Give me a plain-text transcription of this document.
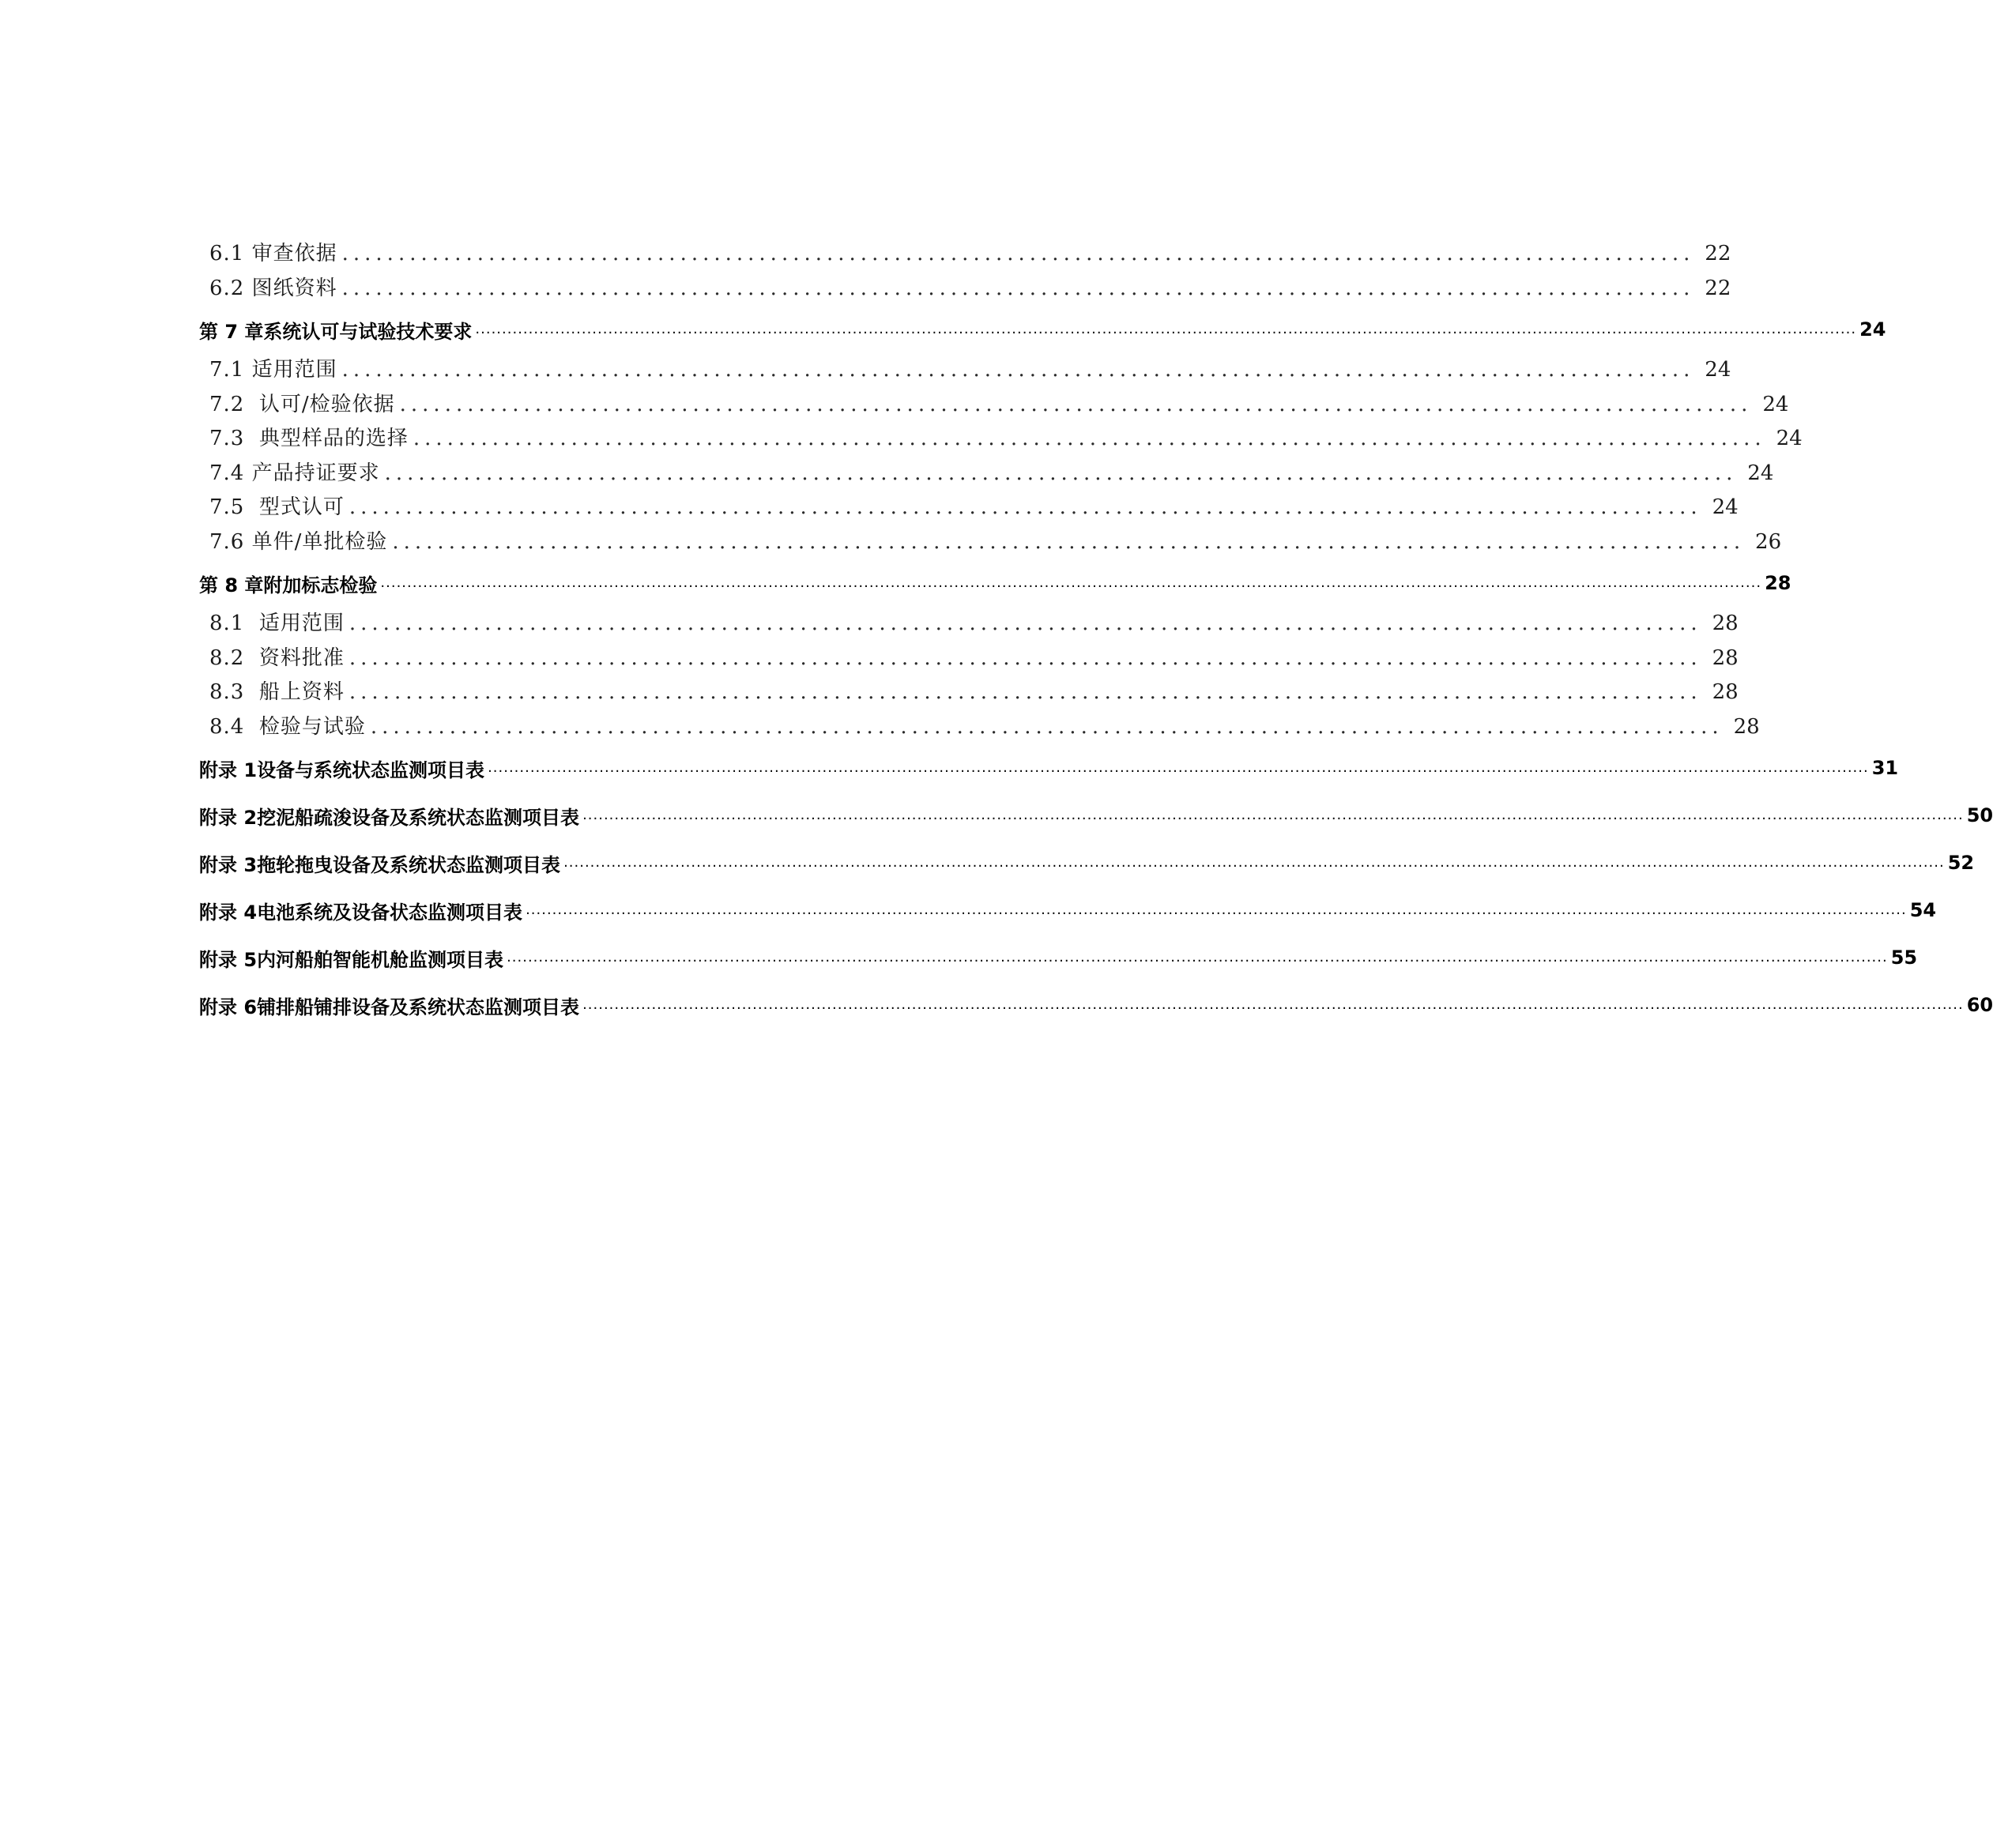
6.1 审查依据 ........................................................................................................................ 22
6.2 图纸资料 ........................................................................................................................ 22
第 7 章 系统认可与试验技术要求 .................................................................................................................................................................................................................................................................... 24
7.1 适用范围 ........................................................................................................................ 24
7.2  认可/检验依据 ........................................................................................................................ 24
7.3  典型样品的选择 ........................................................................................................................ 24
7.4 产品持证要求 ........................................................................................................................ 24
7.5  型式认可 ........................................................................................................................ 24
7.6 单件/单批检验 ........................................................................................................................ 26
第 8 章 附加标志检验 .................................................................................................................................................................................................................................................................... 28
8.1  适用范围 ........................................................................................................................ 28
8.2  资料批准 ........................................................................................................................ 28
8.3  船上资料 ........................................................................................................................ 28
8.4  检验与试验 ........................................................................................................................ 28
附录 1 设备与系统状态监测项目表 .................................................................................................................................................................................................................................................................... 31
附录 2 挖泥船疏浚设备及系统状态监测项目表 .................................................................................................................................................................................................................................................................... 50
附录 3 拖轮拖曳设备及系统状态监测项目表 .................................................................................................................................................................................................................................................................... 52
附录 4 电池系统及设备状态监测项目表 .................................................................................................................................................................................................................................................................... 54
附录 5 内河船舶智能机舱监测项目表 .................................................................................................................................................................................................................................................................... 55
附录 6 铺排船铺排设备及系统状态监测项目表 .................................................................................................................................................................................................................................................................... 60
